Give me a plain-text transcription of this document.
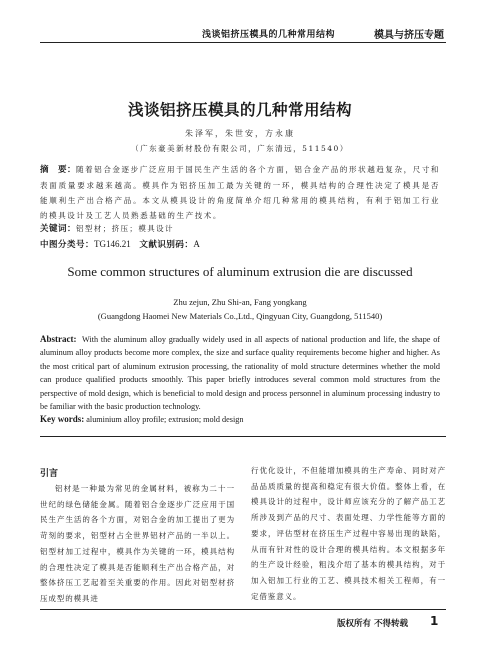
浅谈铝挤压模具的几种常用结构	模具与挤压专题
浅谈铝挤压模具的几种常用结构
朱泽军，朱世安，方永康
（广东豪美新材股份有限公司，广东清远，511540）
摘　要：随着铝合金逐步广泛应用于国民生产生活的各个方面，铝合金产品的形状越趋复杂，尺寸和表面质量要求越来越高。模具作为铝挤压加工最为关键的一环，模具结构的合理性决定了模具是否能顺利生产出合格产品。本文从模具设计的角度简单介绍几种常用的模具结构，有利于铝加工行业的模具设计及工艺人员熟悉基础的生产技术。
关键词：铝型材；挤压；模具设计
中图分类号：TG146.21 文献识别码：A
Some common structures of aluminum extrusion die are discussed
Zhu zejun, Zhu Shi-an, Fang yongkang
(Guangdong Haomei New Materials Co.,Ltd., Qingyuan City, Guangdong, 511540)
Abstract: With the aluminum alloy gradually widely used in all aspects of national production and life, the shape of aluminum alloy products become more complex, the size and surface quality requirements become higher and higher. As the most critical part of aluminum extrusion processing, the rationality of mold structure determines whether the mold can produce qualified products smoothly. This paper briefly introduces several common mold structures from the perspective of mold design, which is beneficial to mold design and process personnel in aluminum processing industry to be familiar with the basic production technology.
Key words: aluminium alloy profile; extrusion; mold design
引言

铝材是一种最为常见的金属材料，被称为二十一世纪的绿色储能金属。随着铝合金逐步广泛应用于国民生产生活的各个方面，对铝合金的加工提出了更为苛刻的要求，铝型材占全世界铝材产品的一半以上。铝型材加工过程中，模具作为关键的一环，模具结构的合理性决定了模具是否能顺利生产出合格产品，对整体挤压工艺起着至关重要的作用。因此对铝型材挤压成型的模具进

行优化设计，不但能增加模具的生产寿命、同时对产品品质质量的提高和稳定有很大价值。整体上看，在模具设计的过程中，设计师应该充分的了解产品工艺所涉及到产品的尺寸、表面处理、力学性能等方面的要求，评估型材在挤压生产过程中容易出现的缺陷，从而有针对性的设计合理的模具结构。本文根据多年的生产设计经验，粗浅介绍了基本的模具结构，对于加入铝加工行业的工艺、模具技术相关工程师，有一定借鉴意义。

版权所有 不得转载 1
